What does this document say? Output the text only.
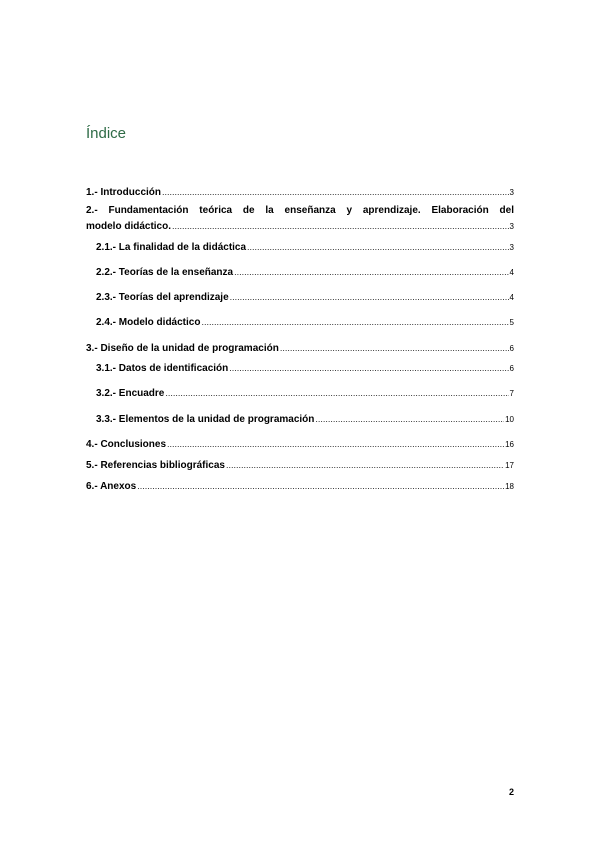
Índice
1.- Introducción .....	3
2.- Fundamentación teórica de la enseñanza y aprendizaje. Elaboración del
modelo didáctico. .....	3
2.1.- La finalidad de la didáctica .....	3
2.2.- Teorías de la enseñanza .....	4
2.3.- Teorías del aprendizaje .....	4
2.4.- Modelo didáctico .....	5
3.- Diseño de la unidad de programación .....	6
3.1.- Datos de identificación .....	6
3.2.- Encuadre .....	7
3.3.- Elementos de la unidad de programación .....	10
4.- Conclusiones .....	16
5.- Referencias bibliográficas .....	17
6.- Anexos .....	18
2
